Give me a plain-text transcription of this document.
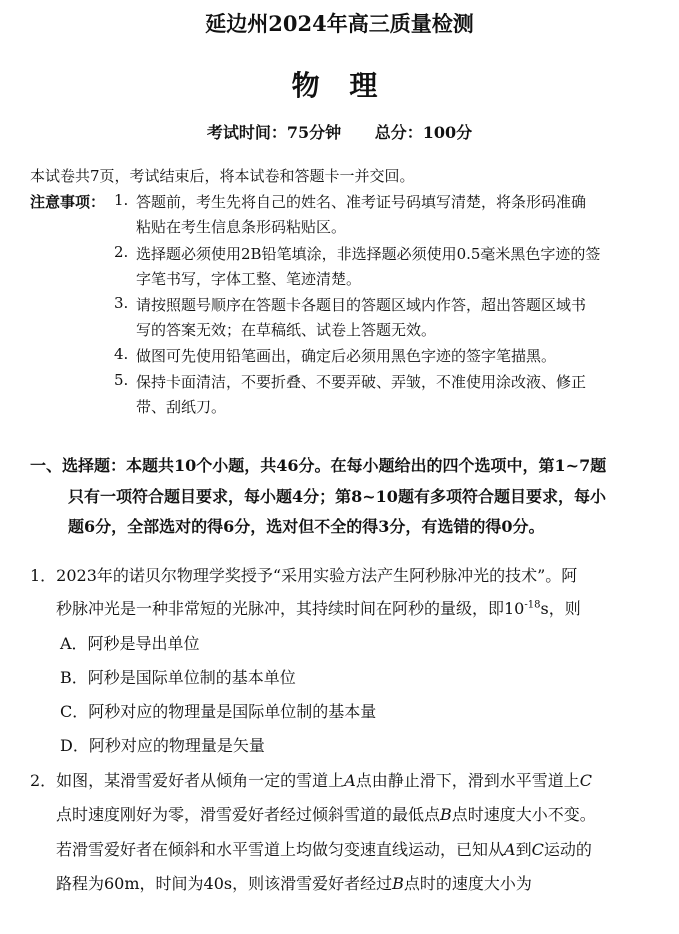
延边州2024年高三质量检测
物 理
考试时间：75分钟 总分：100分
本试卷共7页，考试结束后，将本试卷和答题卡一并交回。
注意事项： 1. 答题前，考生先将自己的姓名、准考证号码填写清楚，将条形码准确
粘贴在考生信息条形码粘贴区。
2. 选择题必须使用2B铅笔填涂，非选择题必须使用0.5毫米黑色字迹的签
字笔书写，字体工整、笔迹清楚。
3. 请按照题号顺序在答题卡各题目的答题区域内作答，超出答题区域书
写的答案无效；在草稿纸、试卷上答题无效。
4. 做图可先使用铅笔画出，确定后必须用黑色字迹的签字笔描黑。
5. 保持卡面清洁，不要折叠、不要弄破、弄皱，不准使用涂改液、修正
带、刮纸刀。
一、选择题：本题共10个小题，共46分。在每小题给出的四个选项中，第1~7题
只有一项符合题目要求，每小题4分；第8~10题有多项符合题目要求，每小
题6分，全部选对的得6分，选对但不全的得3分，有选错的得0分。
1．2023年的诺贝尔物理学奖授予“采用实验方法产生阿秒脉冲光的技术”。阿
秒脉冲光是一种非常短的光脉冲，其持续时间在阿秒的量级，即$10^{-18}s$，则
A．阿秒是导出单位
B．阿秒是国际单位制的基本单位
C．阿秒对应的物理量是国际单位制的基本量
D．阿秒对应的物理量是矢量
2．如图，某滑雪爱好者从倾角一定的雪道上A点由静止滑下，滑到水平雪道上C
点时速度刚好为零，滑雪爱好者经过倾斜雪道的最低点B点时速度大小不变。
若滑雪爱好者在倾斜和水平雪道上均做匀变速直线运动，已知从A到C运动的
路程为60m，时间为40s，则该滑雪爱好者经过B点时的速度大小为
